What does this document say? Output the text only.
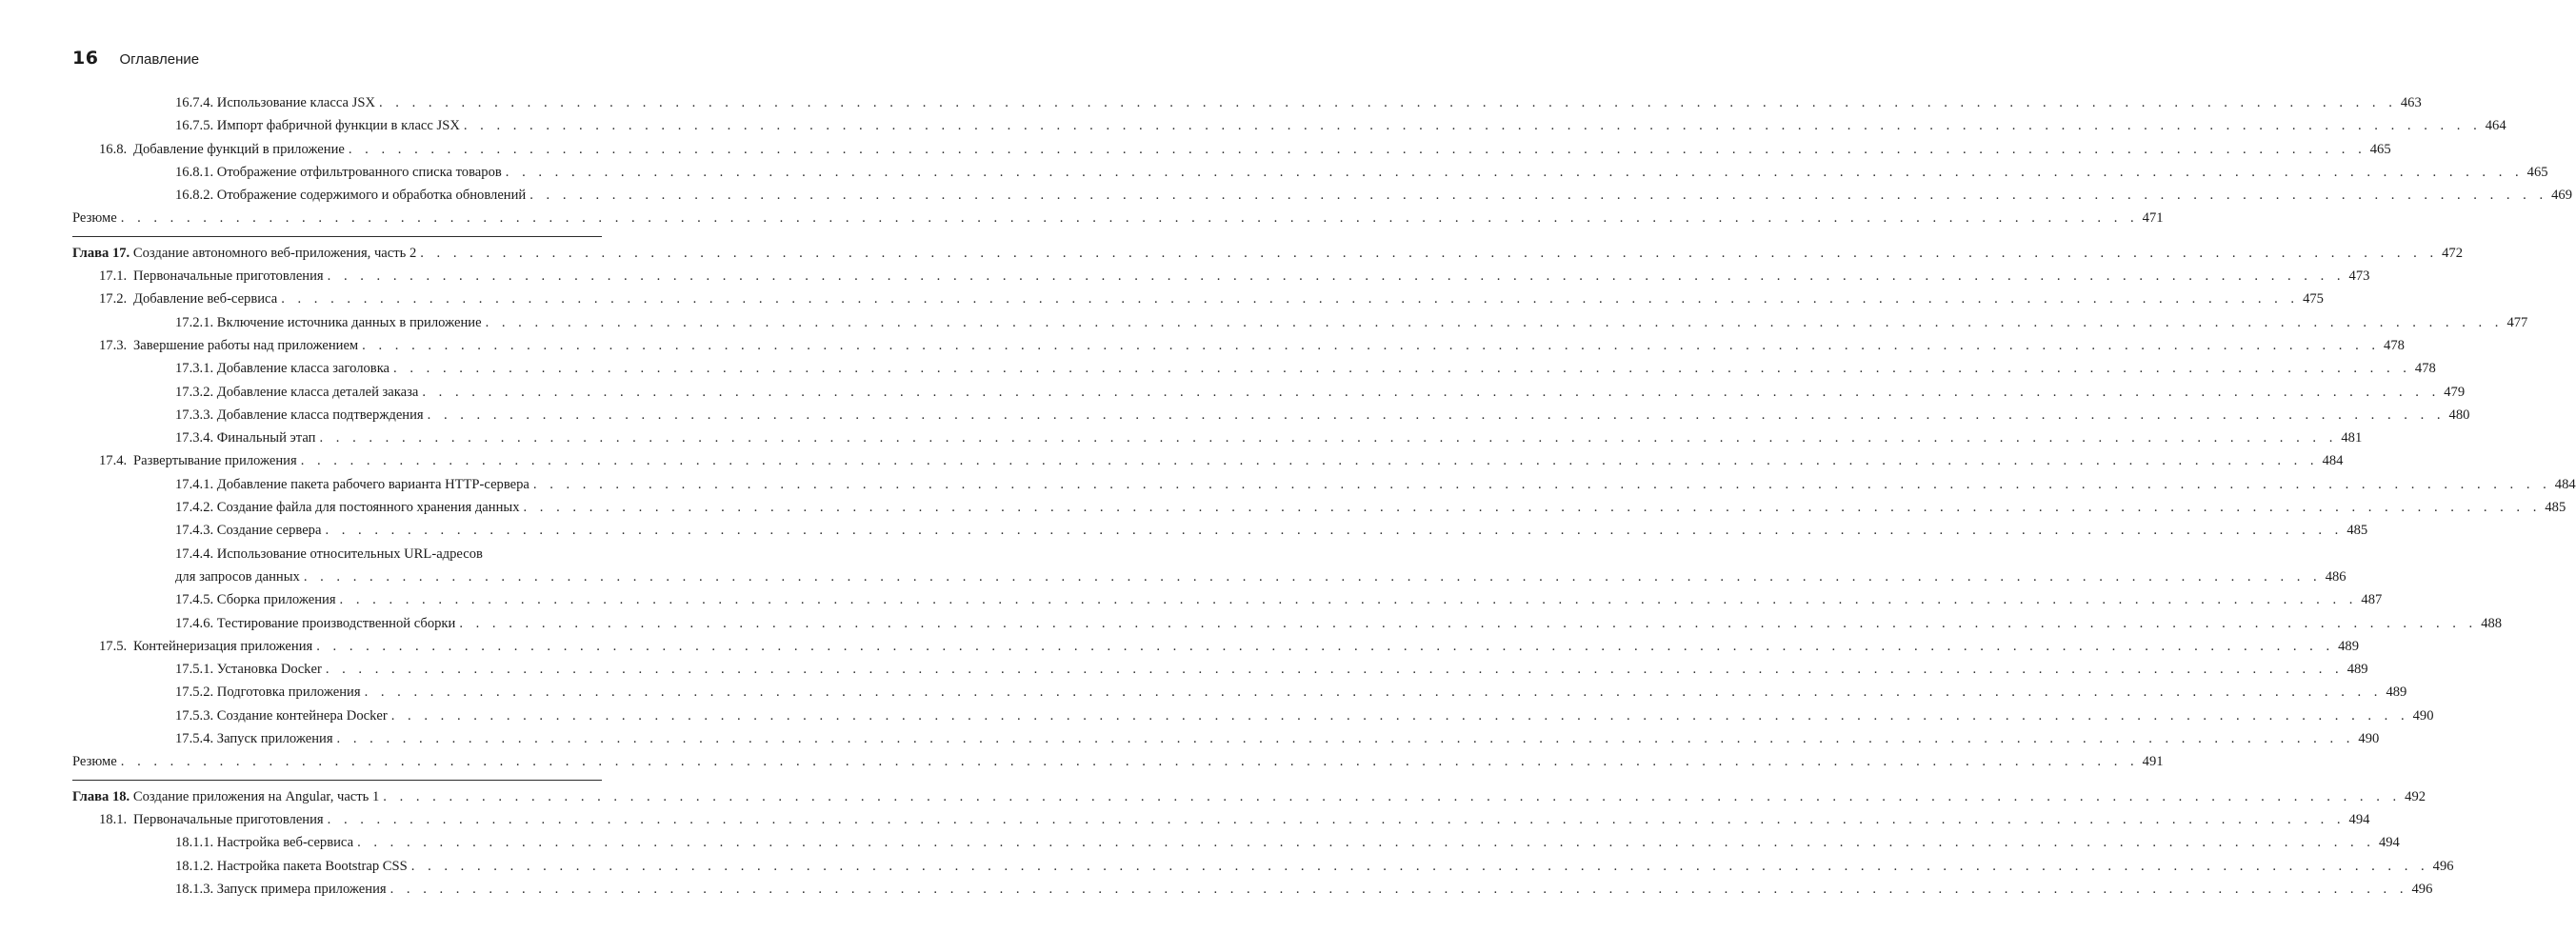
16 Оглавление
16.7.4. Использование класса JSX . . . . . . . . . . . . . . . . . . . . . . . . . . . . . . . . . . . . . . . . . . . . . . . . . . . . . . . . . . . . . . . . . . . . . . . . . . . . . . . . . . . . . . . . . . . . . . . . . . . . . . . . . . . . . . . . . . . . . . . . . . . 463
16.7.5. Импорт фабричной функции в класс JSX . . . . . . . . . . . . . . . . . . . . . . . . . . . . . . . . . . . . . . . . . . . . . . . . . . . . . . . . . . . . . . . . . . . . . . . . . . . . . . . . . . . . . . . . . . . . . . . . . . . . . . . . . . . . . . . . . . . . . . . . . . . 464
16.8. Добавление функций в приложение . . . . . . . . . . . . . . . . . . . . . . . . . . . . . . . . . . . . . . . . . . . . . . . . . . . . . . . . . . . . . . . . . . . . . . . . . . . . . . . . . . . . . . . . . . . . . . . . . . . . . . . . . . . . . . . . . . . . . . . . . . . 465
16.8.1. Отображение отфильтрованного списка товаров . . . . . . . . . . . . . . . . . . . . . . . . . . . . . . . . . . . . . . . . . . . . . . . . . . . . . . . . . . . . . . . . . . . . . . . . . . . . . . . . . . . . . . . . . . . . . . . . . . . . . . . . . . . . . . . . . . . . . . . . . . . 465
16.8.2. Отображение содержимого и обработка обновлений . . . . . . . . . . . . . . . . . . . . . . . . . . . . . . . . . . . . . . . . . . . . . . . . . . . . . . . . . . . . . . . . . . . . . . . . . . . . . . . . . . . . . . . . . . . . . . . . . . . . . . . . . . . . . . . . . . . . . . . . . . . 469
Резюме . . . . . . . . . . . . . . . . . . . . . . . . . . . . . . . . . . . . . . . . . . . . . . . . . . . . . . . . . . . . . . . . . . . . . . . . . . . . . . . . . . . . . . . . . . . . . . . . . . . . . . . . . . . . . . . . . . . . . . . . . . . 471
Глава 17. Создание автономного веб-приложения, часть 2 . . . . . . . . . . . . . . . . . . . . . . . . . . . . . . . . . . . . . . . . . . . . . . . . . . . . . . . . . . . . . . . . . . . . . . . . . . . . . . . . . . . . . . . . . . . . . . . . . . . . . . . . . . . . . . . . . . . . . . . . . . . 472
17.1. Первоначальные приготовления . . . . . . . . . . . . . . . . . . . . . . . . . . . . . . . . . . . . . . . . . . . . . . . . . . . . . . . . . . . . . . . . . . . . . . . . . . . . . . . . . . . . . . . . . . . . . . . . . . . . . . . . . . . . . . . . . . . . . . . . . . . 473
17.2. Добавление веб-сервиса . . . . . . . . . . . . . . . . . . . . . . . . . . . . . . . . . . . . . . . . . . . . . . . . . . . . . . . . . . . . . . . . . . . . . . . . . . . . . . . . . . . . . . . . . . . . . . . . . . . . . . . . . . . . . . . . . . . . . . . . . . . 475
17.2.1. Включение источника данных в приложение . . . . . . . . . . . . . . . . . . . . . . . . . . . . . . . . . . . . . . . . . . . . . . . . . . . . . . . . . . . . . . . . . . . . . . . . . . . . . . . . . . . . . . . . . . . . . . . . . . . . . . . . . . . . . . . . . . . . . . . . . . . 477
17.3. Завершение работы над приложением . . . . . . . . . . . . . . . . . . . . . . . . . . . . . . . . . . . . . . . . . . . . . . . . . . . . . . . . . . . . . . . . . . . . . . . . . . . . . . . . . . . . . . . . . . . . . . . . . . . . . . . . . . . . . . . . . . . . . . . . . . . 478
17.3.1. Добавление класса заголовка . . . . . . . . . . . . . . . . . . . . . . . . . . . . . . . . . . . . . . . . . . . . . . . . . . . . . . . . . . . . . . . . . . . . . . . . . . . . . . . . . . . . . . . . . . . . . . . . . . . . . . . . . . . . . . . . . . . . . . . . . . . 478
17.3.2. Добавление класса деталей заказа . . . . . . . . . . . . . . . . . . . . . . . . . . . . . . . . . . . . . . . . . . . . . . . . . . . . . . . . . . . . . . . . . . . . . . . . . . . . . . . . . . . . . . . . . . . . . . . . . . . . . . . . . . . . . . . . . . . . . . . . . . . 479
17.3.3. Добавление класса подтверждения . . . . . . . . . . . . . . . . . . . . . . . . . . . . . . . . . . . . . . . . . . . . . . . . . . . . . . . . . . . . . . . . . . . . . . . . . . . . . . . . . . . . . . . . . . . . . . . . . . . . . . . . . . . . . . . . . . . . . . . . . . . 480
17.3.4. Финальный этап . . . . . . . . . . . . . . . . . . . . . . . . . . . . . . . . . . . . . . . . . . . . . . . . . . . . . . . . . . . . . . . . . . . . . . . . . . . . . . . . . . . . . . . . . . . . . . . . . . . . . . . . . . . . . . . . . . . . . . . . . . . 481
17.4. Развертывание приложения . . . . . . . . . . . . . . . . . . . . . . . . . . . . . . . . . . . . . . . . . . . . . . . . . . . . . . . . . . . . . . . . . . . . . . . . . . . . . . . . . . . . . . . . . . . . . . . . . . . . . . . . . . . . . . . . . . . . . . . . . . . 484
17.4.1. Добавление пакета рабочего варианта HTTP-сервера . . . . . . . . . . . . . . . . . . . . . . . . . . . . . . . . . . . . . . . . . . . . . . . . . . . . . . . . . . . . . . . . . . . . . . . . . . . . . . . . . . . . . . . . . . . . . . . . . . . . . . . . . . . . . . . . . . . . . . . . . . . 484
17.4.2. Создание файла для постоянного хранения данных . . . . . . . . . . . . . . . . . . . . . . . . . . . . . . . . . . . . . . . . . . . . . . . . . . . . . . . . . . . . . . . . . . . . . . . . . . . . . . . . . . . . . . . . . . . . . . . . . . . . . . . . . . . . . . . . . . . . . . . . . . . 485
17.4.3. Создание сервера . . . . . . . . . . . . . . . . . . . . . . . . . . . . . . . . . . . . . . . . . . . . . . . . . . . . . . . . . . . . . . . . . . . . . . . . . . . . . . . . . . . . . . . . . . . . . . . . . . . . . . . . . . . . . . . . . . . . . . . . . . . 485
17.4.4. Использование относительных URL-адресов
для запросов данных . . . . . . . . . . . . . . . . . . . . . . . . . . . . . . . . . . . . . . . . . . . . . . . . . . . . . . . . . . . . . . . . . . . . . . . . . . . . . . . . . . . . . . . . . . . . . . . . . . . . . . . . . . . . . . . . . . . . . . . . . . . 486
17.4.5. Сборка приложения . . . . . . . . . . . . . . . . . . . . . . . . . . . . . . . . . . . . . . . . . . . . . . . . . . . . . . . . . . . . . . . . . . . . . . . . . . . . . . . . . . . . . . . . . . . . . . . . . . . . . . . . . . . . . . . . . . . . . . . . . . . 487
17.4.6. Тестирование производственной сборки . . . . . . . . . . . . . . . . . . . . . . . . . . . . . . . . . . . . . . . . . . . . . . . . . . . . . . . . . . . . . . . . . . . . . . . . . . . . . . . . . . . . . . . . . . . . . . . . . . . . . . . . . . . . . . . . . . . . . . . . . . . 488
17.5. Контейнеризация приложения . . . . . . . . . . . . . . . . . . . . . . . . . . . . . . . . . . . . . . . . . . . . . . . . . . . . . . . . . . . . . . . . . . . . . . . . . . . . . . . . . . . . . . . . . . . . . . . . . . . . . . . . . . . . . . . . . . . . . . . . . . . 489
17.5.1. Установка Docker . . . . . . . . . . . . . . . . . . . . . . . . . . . . . . . . . . . . . . . . . . . . . . . . . . . . . . . . . . . . . . . . . . . . . . . . . . . . . . . . . . . . . . . . . . . . . . . . . . . . . . . . . . . . . . . . . . . . . . . . . . . 489
17.5.2. Подготовка приложения . . . . . . . . . . . . . . . . . . . . . . . . . . . . . . . . . . . . . . . . . . . . . . . . . . . . . . . . . . . . . . . . . . . . . . . . . . . . . . . . . . . . . . . . . . . . . . . . . . . . . . . . . . . . . . . . . . . . . . . . . . . 489
17.5.3. Создание контейнера Docker . . . . . . . . . . . . . . . . . . . . . . . . . . . . . . . . . . . . . . . . . . . . . . . . . . . . . . . . . . . . . . . . . . . . . . . . . . . . . . . . . . . . . . . . . . . . . . . . . . . . . . . . . . . . . . . . . . . . . . . . . . . 490
17.5.4. Запуск приложения . . . . . . . . . . . . . . . . . . . . . . . . . . . . . . . . . . . . . . . . . . . . . . . . . . . . . . . . . . . . . . . . . . . . . . . . . . . . . . . . . . . . . . . . . . . . . . . . . . . . . . . . . . . . . . . . . . . . . . . . . . . 490
Резюме . . . . . . . . . . . . . . . . . . . . . . . . . . . . . . . . . . . . . . . . . . . . . . . . . . . . . . . . . . . . . . . . . . . . . . . . . . . . . . . . . . . . . . . . . . . . . . . . . . . . . . . . . . . . . . . . . . . . . . . . . . . 491
Глава 18. Создание приложения на Angular, часть 1 . . . . . . . . . . . . . . . . . . . . . . . . . . . . . . . . . . . . . . . . . . . . . . . . . . . . . . . . . . . . . . . . . . . . . . . . . . . . . . . . . . . . . . . . . . . . . . . . . . . . . . . . . . . . . . . . . . . . . . . . . . . 492
18.1. Первоначальные приготовления . . . . . . . . . . . . . . . . . . . . . . . . . . . . . . . . . . . . . . . . . . . . . . . . . . . . . . . . . . . . . . . . . . . . . . . . . . . . . . . . . . . . . . . . . . . . . . . . . . . . . . . . . . . . . . . . . . . . . . . . . . . 494
18.1.1. Настройка веб-сервиса . . . . . . . . . . . . . . . . . . . . . . . . . . . . . . . . . . . . . . . . . . . . . . . . . . . . . . . . . . . . . . . . . . . . . . . . . . . . . . . . . . . . . . . . . . . . . . . . . . . . . . . . . . . . . . . . . . . . . . . . . . . 494
18.1.2. Настройка пакета Bootstrap CSS . . . . . . . . . . . . . . . . . . . . . . . . . . . . . . . . . . . . . . . . . . . . . . . . . . . . . . . . . . . . . . . . . . . . . . . . . . . . . . . . . . . . . . . . . . . . . . . . . . . . . . . . . . . . . . . . . . . . . . . . . . . 496
18.1.3. Запуск примера приложения . . . . . . . . . . . . . . . . . . . . . . . . . . . . . . . . . . . . . . . . . . . . . . . . . . . . . . . . . . . . . . . . . . . . . . . . . . . . . . . . . . . . . . . . . . . . . . . . . . . . . . . . . . . . . . . . . . . . . . . . . . . 496
